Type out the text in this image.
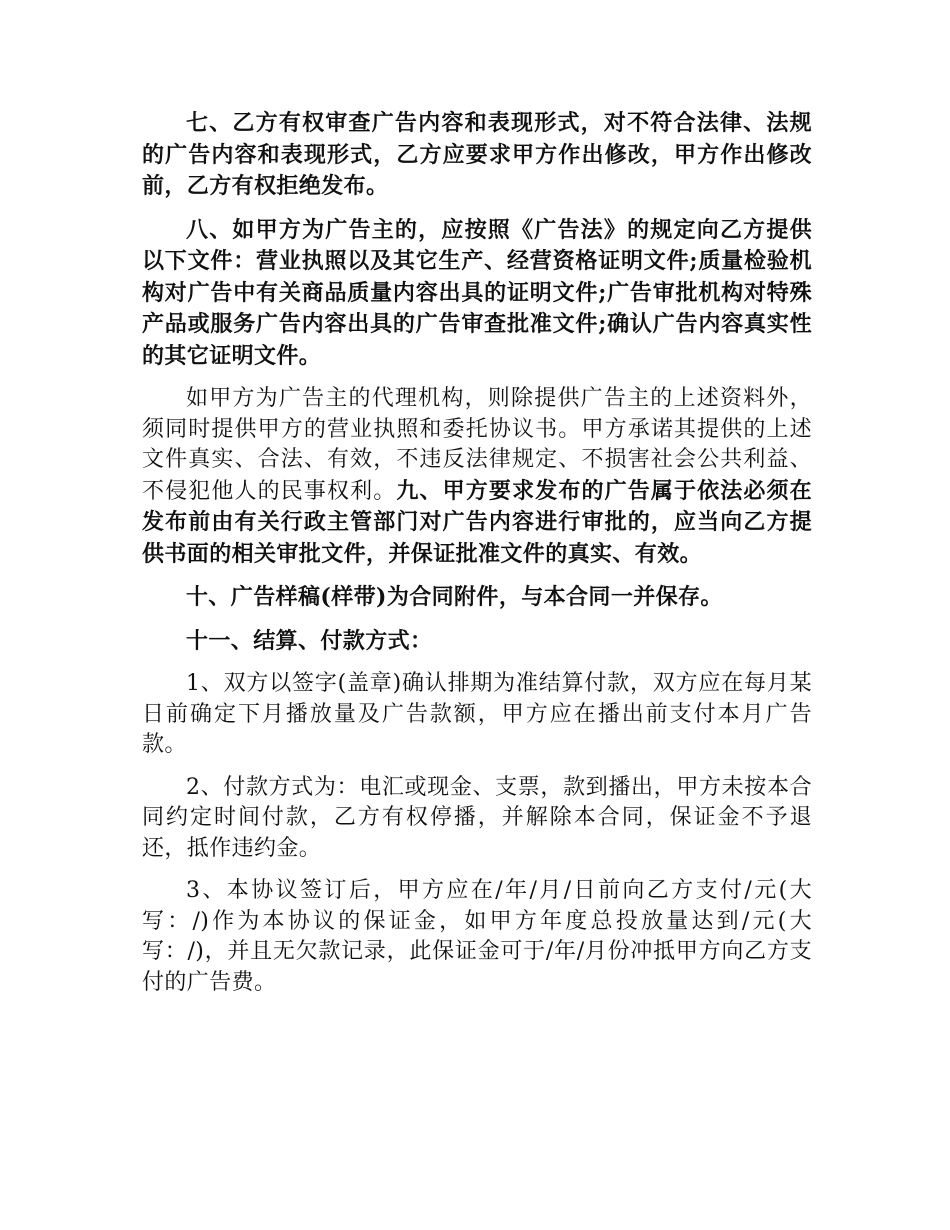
七、乙方有权审查广告内容和表现形式，对不符合法律、法规的广告内容和表现形式，乙方应要求甲方作出修改，甲方作出修改前，乙方有权拒绝发布。

八、如甲方为广告主的，应按照《广告法》的规定向乙方提供以下文件：营业执照以及其它生产、经营资格证明文件;质量检验机构对广告中有关商品质量内容出具的证明文件;广告审批机构对特殊产品或服务广告内容出具的广告审查批准文件;确认广告内容真实性的其它证明文件。

如甲方为广告主的代理机构，则除提供广告主的上述资料外，须同时提供甲方的营业执照和委托协议书。甲方承诺其提供的上述文件真实、合法、有效，不违反法律规定、不损害社会公共利益、不侵犯他人的民事权利。九、甲方要求发布的广告属于依法必须在发布前由有关行政主管部门对广告内容进行审批的，应当向乙方提供书面的相关审批文件，并保证批准文件的真实、有效。

十、广告样稿(样带)为合同附件，与本合同一并保存。

十一、结算、付款方式：

1、双方以签字(盖章)确认排期为准结算付款，双方应在每月某日前确定下月播放量及广告款额，甲方应在播出前支付本月广告款。

2、付款方式为：电汇或现金、支票，款到播出，甲方未按本合同约定时间付款，乙方有权停播，并解除本合同，保证金不予退还，抵作违约金。

3、本协议签订后，甲方应在/年/月/日前向乙方支付/元(大写：/)作为本协议的保证金，如甲方年度总投放量达到/元(大写：/)，并且无欠款记录，此保证金可于/年/月份冲抵甲方向乙方支付的广告费。
